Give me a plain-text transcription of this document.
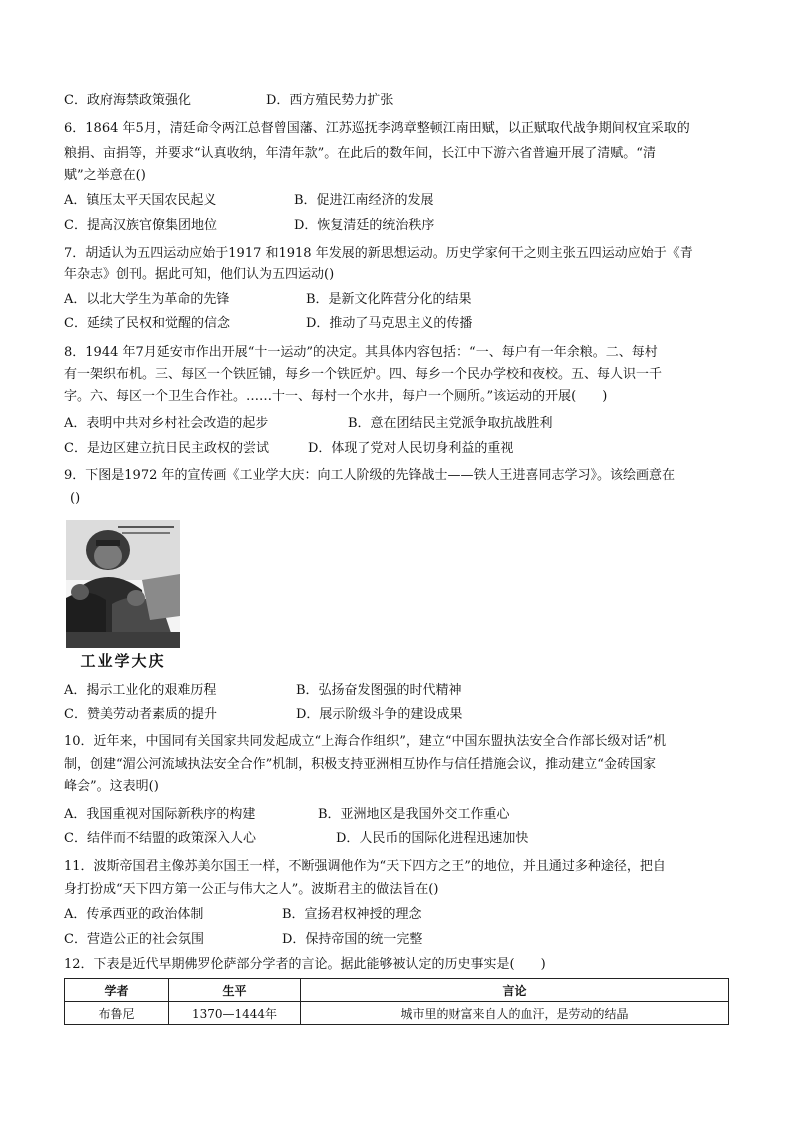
C．政府海禁政策强化	D．西方殖民势力扩张
6．1864 年5月，清廷命令两江总督曾国藩、江苏巡抚李鸿章整顿江南田赋，以正赋取代战争期间权宜采取的
粮捐、亩捐等，并要求“认真收纳，年清年款”。在此后的数年间，长江中下游六省普遍开展了清赋。“清
赋”之举意在()
A．镇压太平天国农民起义	B．促进江南经济的发展
C．提高汉族官僚集团地位	D．恢复清廷的统治秩序
7．胡适认为五四运动应始于1917 和1918 年发展的新思想运动。历史学家何干之则主张五四运动应始于《青
年杂志》创刊。据此可知，他们认为五四运动()
A．以北大学生为革命的先锋	B．是新文化阵营分化的结果
C．延续了民权和觉醒的信念	D．推动了马克思主义的传播
8．1944 年7月延安市作出开展“十一运动”的决定。其具体内容包括：“一、每户有一年余粮。二、每村
有一架织布机。三、每区一个铁匠铺，每乡一个铁匠炉。四、每乡一个民办学校和夜校。五、每人识一千
字。六、每区一个卫生合作社。……十一、每村一个水井，每户一个厕所。”该运动的开展(　　)
A．表明中共对乡村社会改造的起步	B．意在团结民主党派争取抗战胜利
C．是边区建立抗日民主政权的尝试	D．体现了党对人民切身利益的重视
9．下图是1972 年的宣传画《工业学大庆：向工人阶级的先锋战士——铁人王进喜同志学习》。该绘画意在
()
工业学大庆
A．揭示工业化的艰难历程	B．弘扬奋发图强的时代精神
C．赞美劳动者素质的提升	D．展示阶级斗争的建设成果
10．近年来，中国同有关国家共同发起成立“上海合作组织”，建立“中国东盟执法安全合作部长级对话”机
制，创建“湄公河流域执法安全合作”机制，积极支持亚洲相互协作与信任措施会议，推动建立“金砖国家
峰会”。这表明()
A．我国重视对国际新秩序的构建	B．亚洲地区是我国外交工作重心
C．结伴而不结盟的政策深入人心	D．人民币的国际化进程迅速加快
11．波斯帝国君主像苏美尔国王一样，不断强调他作为“天下四方之王”的地位，并且通过多种途径，把自
身打扮成“天下四方第一公正与伟大之人”。波斯君主的做法旨在()
A．传承西亚的政治体制	B．宣扬君权神授的理念
C．营造公正的社会氛围	D．保持帝国的统一完整
12．下表是近代早期佛罗伦萨部分学者的言论。据此能够被认定的历史事实是(　　)
学者	生平	言论
布鲁尼	1370—1444年	城市里的财富来自人的血汗，是劳动的结晶
